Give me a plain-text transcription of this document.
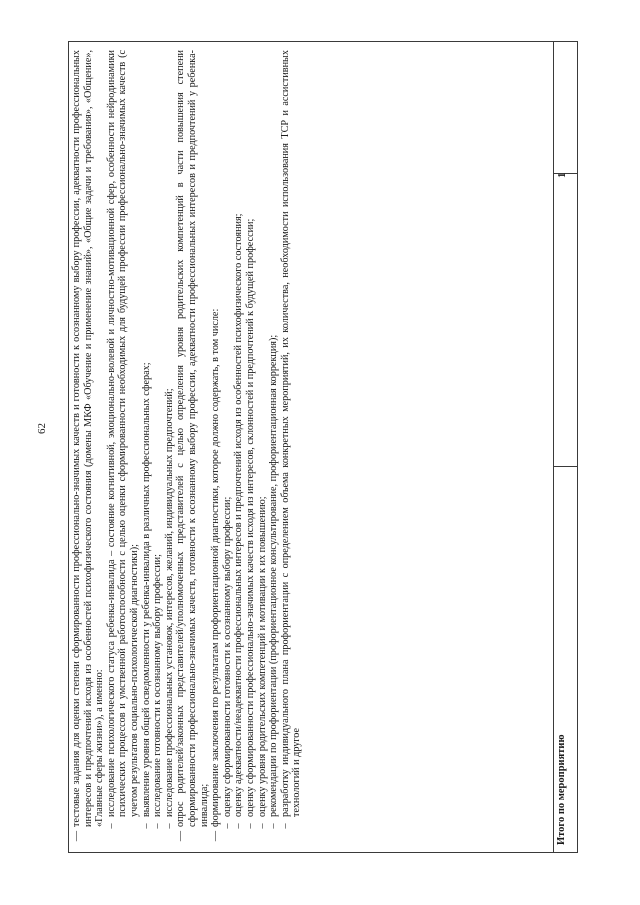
62
—
тестовые задания для оценки степени сформированности профессионально-значимых качеств и готовности к осознанному выбору профессии, адекватности профессиональных интересов и предпочтений исходя из особенностей психофизического состояния (домены МКФ «Обучение и применение знаний», «Общие задачи и требования», «Общение», «Главные сферы жизни»), а именно: –
исследование психологического статуса ребенка-инвалида – состояние когнитивной, эмоционально-волевой и личностно-мотивационной сфер, особенности нейродинамики психических процессов и умственной работоспособности с целью оценки сформированности необходимых для будущей профессии профессионально-значимых качеств (с учетом результатов социально-психологической диагностики);
–
выявление уровня общей осведомленности у ребенка-инвалида в различных профессиональных сферах;
–
исследование готовности к осознанному выбору профессии;
–
исследование профессиональных установок, интересов, желаний, индивидуальных предпочтений;
—
опрос родителей/законных представителей/уполномоченных представителей с целью определения уровня родительских компетенций в части повышения степени сформированности профессионально-значимых качеств, готовности к осознанному выбору профессии, адекватности профессиональных интересов и предпочтений у ребенка-инвалида;
—
формирование заключения по результатам профориентационной диагностики, которое должно содержать, в том числе: –
оценку сформированности готовности к осознанному выбору профессии;
–
оценку адекватности/неадекватности профессиональных интересов и предпочтений исходя из особенностей психофизического состояния;
–
оценку сформированности профессионально-значимых качеств исходя из интересов, склонностей и предпочтений к будущей профессии;
–
оценку уровня родительских компетенций и мотивации к их повышению;
–
рекомендации по профориентации (профориентационное консультирование, профориентационная коррекция);
–
разработку индивидуального плана профориентации с определением объема конкретных мероприятий, их количества, необходимости использования ТСР и ассистивных технологий и другое	Итого по мероприятию
1
